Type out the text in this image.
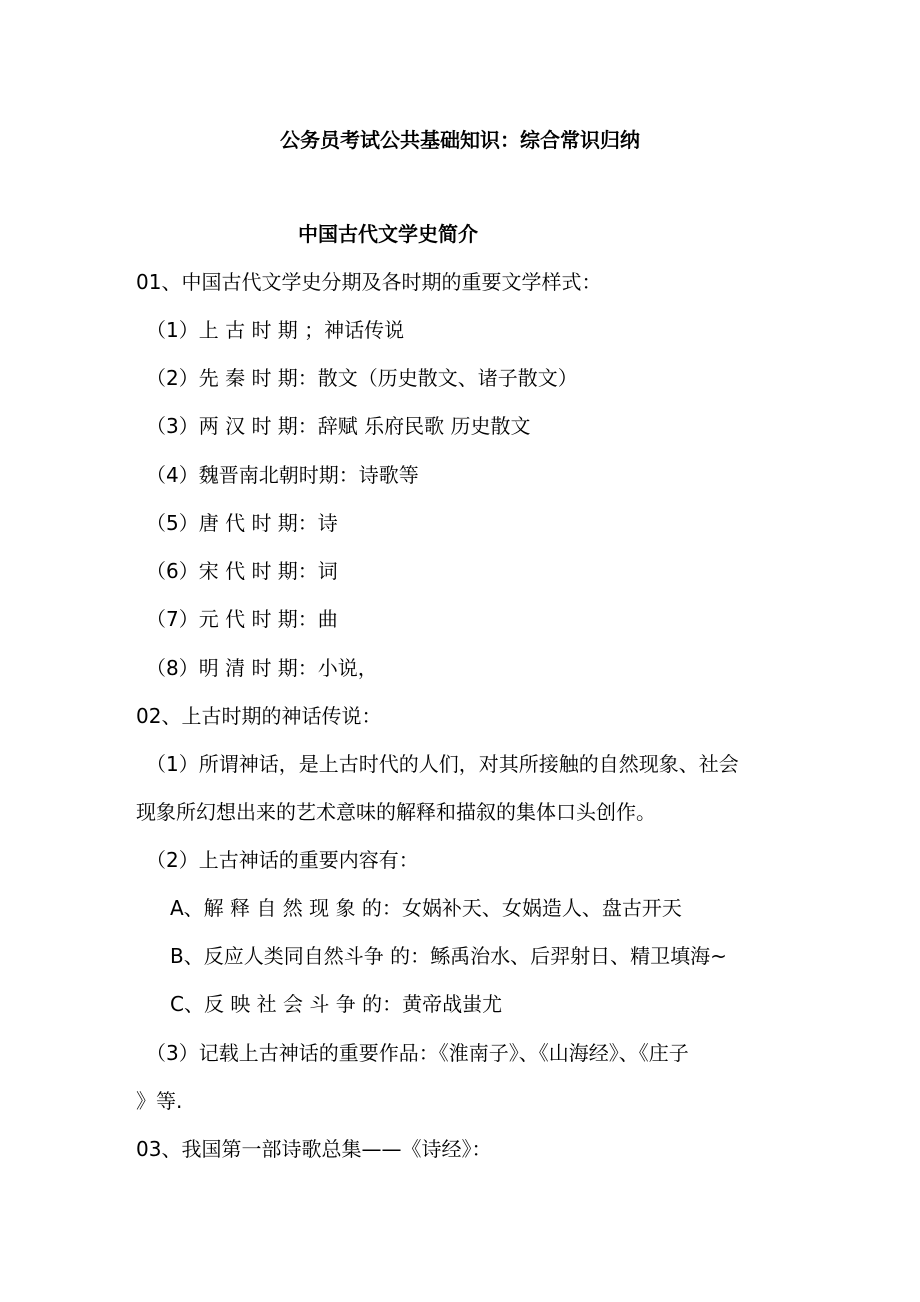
公务员考试公共基础知识：综合常识归纳
中国古代文学史简介
01、中国古代文学史分期及各时期的重要文学样式：
（1）上 古 时 期 ；神话传说
（2）先 秦 时 期：散文（历史散文、诸子散文）
（3）两 汉 时 期：辞赋 乐府民歌 历史散文
（4）魏晋南北朝时期：诗歌等
（5）唐 代 时 期：诗
（6）宋 代 时 期：词
（7）元 代 时 期：曲
（8）明 清 时 期：小说，
02、上古时期的神话传说：
（1）所谓神话，是上古时代的人们，对其所接触的自然现象、社会
现象所幻想出来的艺术意味的解释和描叙的集体口头创作。
（2）上古神话的重要内容有：
A、解 释 自 然 现 象 的：女娲补天、女娲造人、盘古开天
B、反应人类同自然斗争 的：鲧禹治水、后羿射日、精卫填海~
C、反 映 社 会 斗 争 的：黄帝战蚩尤
（3）记载上古神话的重要作品：《淮南子》、《山海经》、《庄子
》等.
03、我国第一部诗歌总集——《诗经》：
